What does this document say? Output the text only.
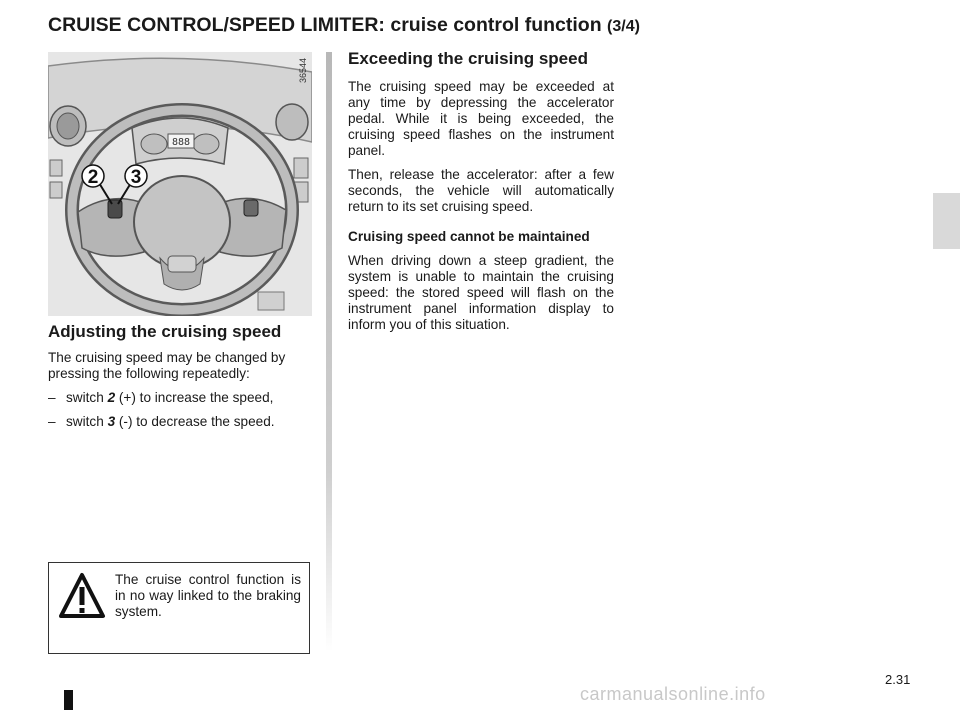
CRUISE CONTROL/SPEED LIMITER: cruise control function (3/4)
888
2 3
36544
Adjusting the cruising speed

The cruising speed may be changed by pressing the following repeatedly:

– switch 2 (+) to increase the speed,
– switch 3 (-) to decrease the speed.
The cruise control function is in no way linked to the braking system.
Exceeding the cruising speed

The cruising speed may be exceeded at any time by depressing the accelerator pedal. While it is being exceeded, the cruising speed flashes on the instrument panel.

Then, release the accelerator: after a few seconds, the vehicle will automatically return to its set cruising speed.

Cruising speed cannot be maintained

When driving down a steep gradient, the system is unable to maintain the cruising speed: the stored speed will flash on the instrument panel information display to inform you of this situation.

2.31
carmanualsonline.info
